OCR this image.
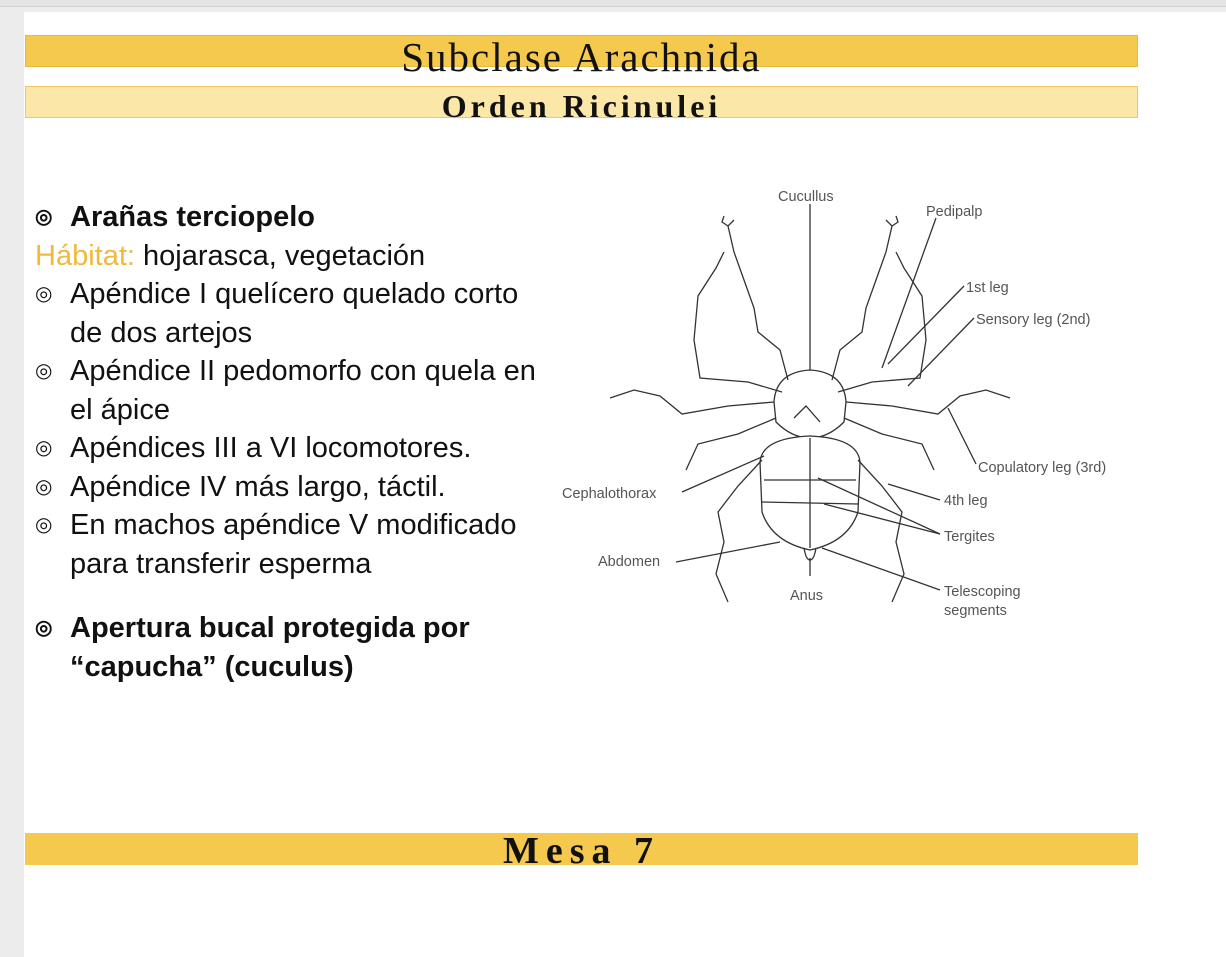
Subclase Arachnida
Orden Ricinulei
Mesa 7
◎ Arañas terciopelo
Hábitat: hojarasca, vegetación
◎ Apéndice I quelícero quelado corto de dos artejos
◎ Apéndice II pedomorfo con quela en el ápice
◎ Apéndices III a VI locomotores.
◎ Apéndice IV más largo, táctil.
◎ En machos apéndice V modificado para transferir esperma
◎ Apertura bucal protegida por “capucha” (cuculus)
Cucullus
Pedipalp
1st leg
Sensory leg (2nd)
Copulatory leg (3rd)
Cephalothorax	4th leg
Tergites
Abdomen
Anus	Telescoping
segments
